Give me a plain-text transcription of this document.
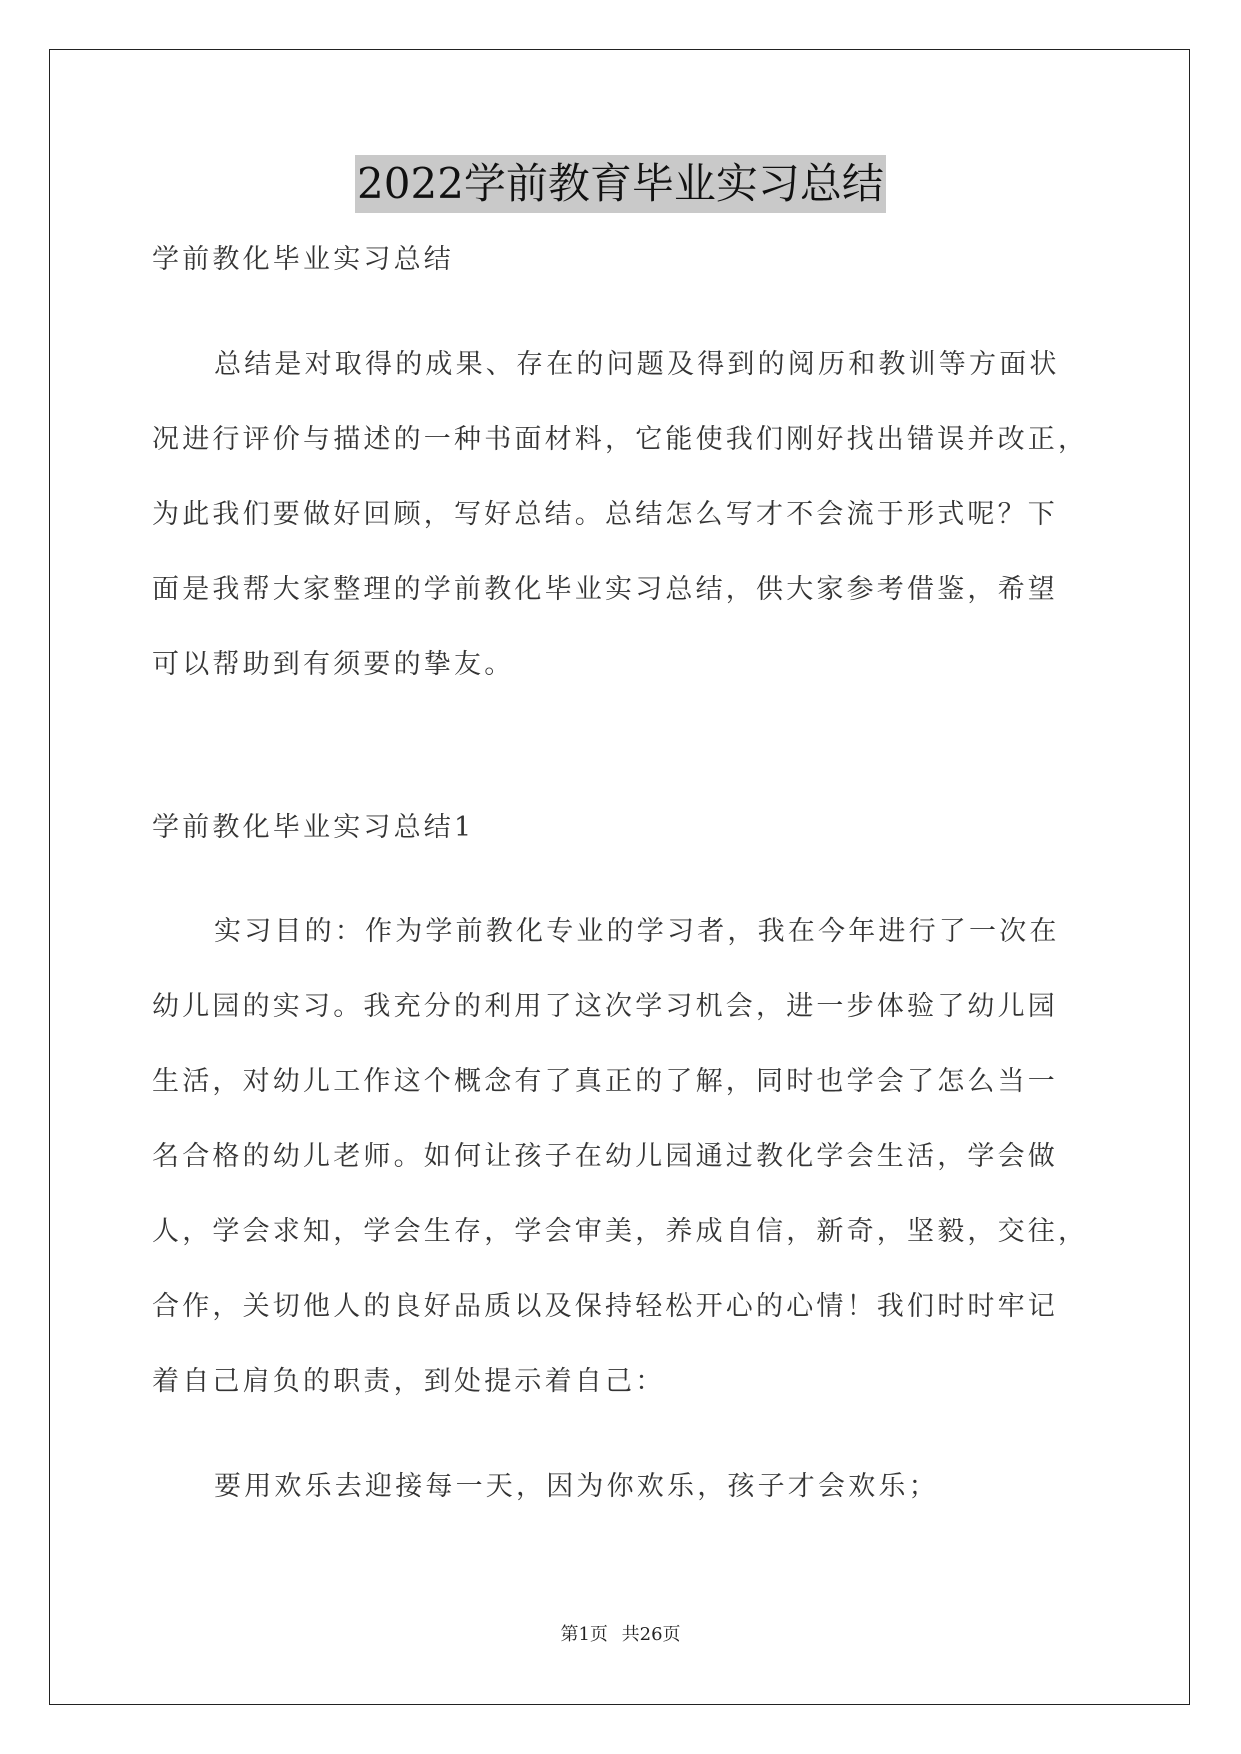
2022学前教育毕业实习总结
学前教化毕业实习总结
总结是对取得的成果、存在的问题及得到的阅历和教训等方面状
况进行评价与描述的一种书面材料，它能使我们刚好找出错误并改正，
为此我们要做好回顾，写好总结。总结怎么写才不会流于形式呢？下
面是我帮大家整理的学前教化毕业实习总结，供大家参考借鉴，希望
可以帮助到有须要的挚友。
学前教化毕业实习总结1
实习目的：作为学前教化专业的学习者，我在今年进行了一次在
幼儿园的实习。我充分的利用了这次学习机会，进一步体验了幼儿园
生活，对幼儿工作这个概念有了真正的了解，同时也学会了怎么当一
名合格的幼儿老师。如何让孩子在幼儿园通过教化学会生活，学会做
人，学会求知，学会生存，学会审美，养成自信，新奇，坚毅，交往，
合作，关切他人的良好品质以及保持轻松开心的心情！我们时时牢记
着自己肩负的职责，到处提示着自己：
要用欢乐去迎接每一天，因为你欢乐，孩子才会欢乐；
第1页 共26页
